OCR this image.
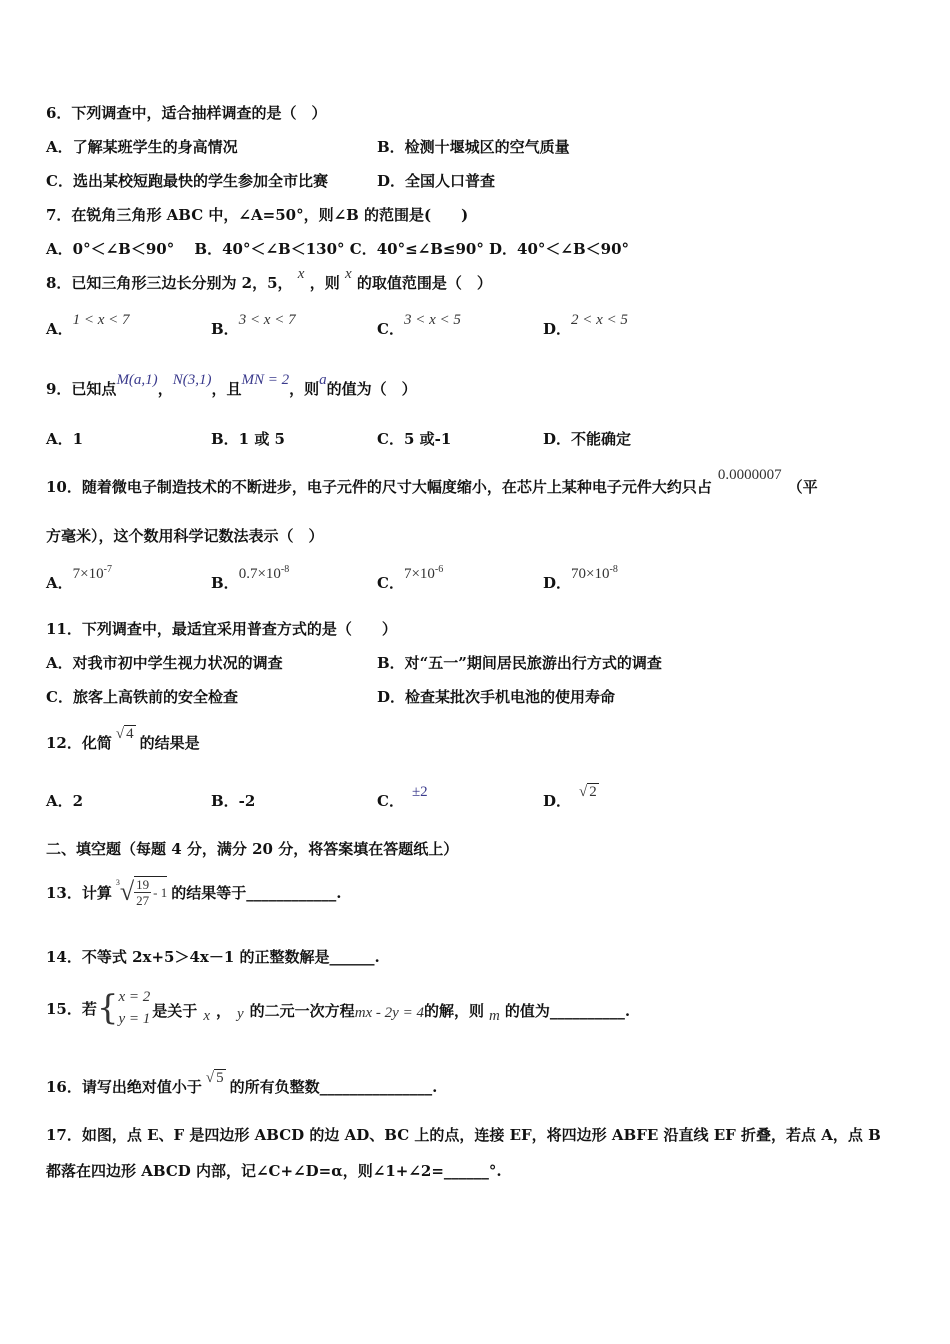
6．下列调查中，适合抽样调查的是（　）
A．了解某班学生的身高情况	B．检测十堰城区的空气质量
C．选出某校短跑最快的学生参加全市比赛	D．全国人口普查
7．在锐角三角形 ABC 中，∠A=50°，则∠B 的范围是(　　)
A．0°＜∠B＜90°　 B．40°＜∠B＜130° C．40°≤∠B≤90° D．40°＜∠B＜90°
8．已知三角形三边长分别为 2，5， x ，则 x 的取值范围是（　）
A．1 < x < 7	B．3 < x < 7	C．3 < x < 5	D．2 < x < 5
9．已知点M(a,1)，N(3,1)，且MN = 2，则a的值为（　）
A．1	B．1 或 5	C．5 或-1	D．不能确定
10．随着微电子制造技术的不断进步，电子元件的尺寸大幅度缩小，在芯片上某种电子元件大约只占0.0000007（平
方毫米），这个数用科学记数法表示（　）
A．$7\times 10^{-7}$
B．$0.7\times 10^{-8}$
C．$7\times 10^{-6}$
D．$70\times 10^{-8}$
11．下列调查中，最适宜采用普查方式的是（　　）
A．对我市初中学生视力状况的调查	B．对“五一”期间居民旅游出行方式的调查
C．旅客上高铁前的安全检查	D．检查某批次手机电池的使用寿命
12．化简 √ 4 的结果是
A．2	B．-2	C． ±2	D． √ 2
二、填空题（每题 4 分，满分 20 分，将答案填在答题纸上）
13．计算
$^3$ √ $\frac{19}{27} - 1$ 的结果等于____________.
14．不等式 2x+5＞4x－1 的正整数解是______.
15．若 { x = 2
y = 1 是关于 x ， y 的二元一次方程 mx - 2y = 4 的解，则 m 的值为__________.
16．请写出绝对值小于 √ 5 的所有负整数_______________.
17．如图，点 E、F 是四边形 ABCD 的边 AD、BC 上的点，连接 EF，将四边形 ABFE 沿直线 EF 折叠，若点 A，点 B
都落在四边形 ABCD 内部，记∠C+∠D=α，则∠1+∠2=______°.
